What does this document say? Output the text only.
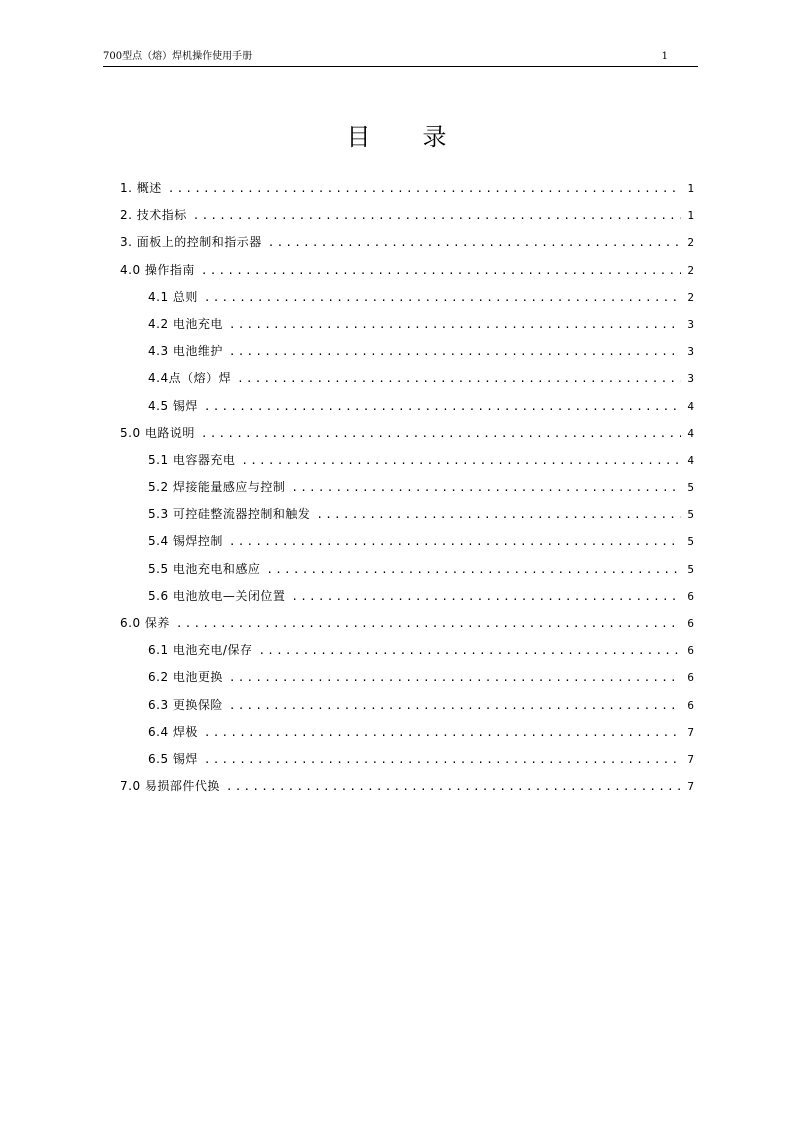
700型点（熔）焊机操作使用手册	1
目 录
1. 概述 .....	1
2. 技术指标 .....	1
3. 面板上的控制和指示器 .....	2
4.0 操作指南 .....	2
4.1 总则 .....	2
4.2 电池充电 .....	3
4.3 电池维护 .....	3
4.4点（熔）焊 .....	3
4.5 锡焊 .....	4
5.0 电路说明 .....	4
5.1 电容器充电 .....	4
5.2 焊接能量感应与控制 .....	5
5.3 可控硅整流器控制和触发 .....	5
5.4 锡焊控制 .....	5
5.5 电池充电和感应 .....	5
5.6 电池放电—关闭位置 .....	6
6.0 保养 .....	6
6.1 电池充电/保存 .....	6
6.2 电池更换 .....	6
6.3 更换保险 .....	6
6.4 焊极 .....	7
6.5 锡焊 .....	7
7.0 易损部件代换 .....	7
